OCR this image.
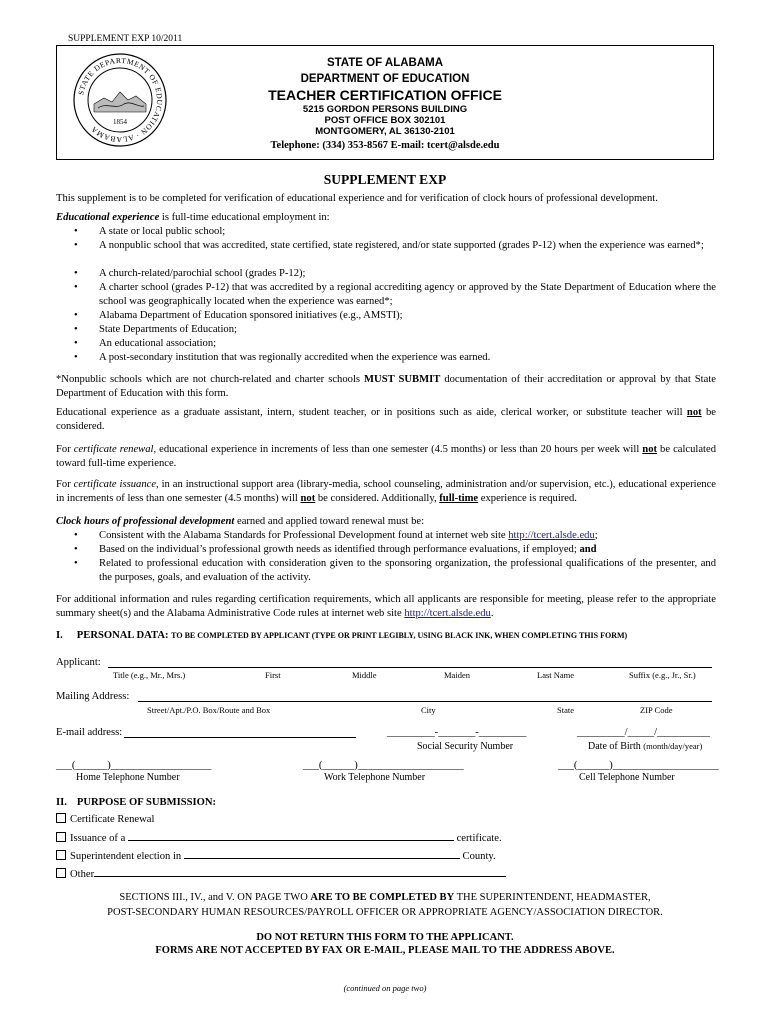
SUPPLEMENT EXP 10/2011
STATE DEPARTMENT OF EDUCATION · ALABAMA
1854
STATE OF ALABAMA
DEPARTMENT OF EDUCATION
TEACHER CERTIFICATION OFFICE
5215 GORDON PERSONS BUILDING
POST OFFICE BOX 302101
MONTGOMERY, AL 36130-2101
Telephone: (334) 353-8567 E-mail: tcert@alsde.edu
SUPPLEMENT EXP
This supplement is to be completed for verification of educational experience and for verification of clock hours of professional development.
Educational experience is full-time educational employment in:
• A state or local public school;
• A nonpublic school that was accredited, state certified, state registered, and/or state supported (grades P-12) when the experience was earned*;
• A church-related/parochial school (grades P-12);
• A charter school (grades P-12) that was accredited by a regional accrediting agency or approved by the State Department of Education where the school was geographically located when the experience was earned*;
• Alabama Department of Education sponsored initiatives (e.g., AMSTI);
• State Departments of Education;
• An educational association;
• A post-secondary institution that was regionally accredited when the experience was earned.
*Nonpublic schools which are not church-related and charter schools MUST SUBMIT documentation of their accreditation or approval by that State Department of Education with this form.
Educational experience as a graduate assistant, intern, student teacher, or in positions such as aide, clerical worker, or substitute teacher will not be considered.
For certificate renewal, educational experience in increments of less than one semester (4.5 months) or less than 20 hours per week will not be calculated toward full-time experience.
For certificate issuance, in an instructional support area (library-media, school counseling, administration and/or supervision, etc.), educational experience in increments of less than one semester (4.5 months) will not be considered. Additionally, full-time experience is required.
Clock hours of professional development earned and applied toward renewal must be:
• Consistent with the Alabama Standards for Professional Development found at internet web site http://tcert.alsde.edu;
• Based on the individual’s professional growth needs as identified through performance evaluations, if employed; and
• Related to professional education with consideration given to the sponsoring organization, the professional qualifications of the presenter, and the purposes, goals, and evaluation of the activity.
For additional information and rules regarding certification requirements, which all applicants are responsible for meeting, please refer to the appropriate summary sheet(s) and the Alabama Administrative Code rules at internet web site http://tcert.alsde.edu.
I. PERSONAL DATA: TO BE COMPLETED BY APPLICANT (TYPE OR PRINT LEGIBLY, USING BLACK INK, WHEN COMPLETING THIS FORM)
Applicant:
Title (e.g., Mr., Mrs.)	First	Middle	Maiden	Last Name	Suffix (e.g., Jr., Sr.)
Mailing Address:
Street/Apt./P.O. Box/Route and Box	City	State	ZIP Code
E-mail address:	_________-_______-_________
Social Security Number
_________/_____/__________
Date of Birth (month/day/year)
___(______)___________________
Home Telephone Number
___(______)____________________
Work Telephone Number
___(______)____________________
Cell Telephone Number
II. PURPOSE OF SUBMISSION:
Certificate Renewal
Issuance of a	certificate.
Superintendent election in	County.
Other
SECTIONS III., IV., and V. ON PAGE TWO ARE TO BE COMPLETED BY THE SUPERINTENDENT, HEADMASTER,
POST-SECONDARY HUMAN RESOURCES/PAYROLL OFFICER OR APPROPRIATE AGENCY/ASSOCIATION DIRECTOR.
DO NOT RETURN THIS FORM TO THE APPLICANT.
FORMS ARE NOT ACCEPTED BY FAX OR E-MAIL, PLEASE MAIL TO THE ADDRESS ABOVE.
(continued on page two)
